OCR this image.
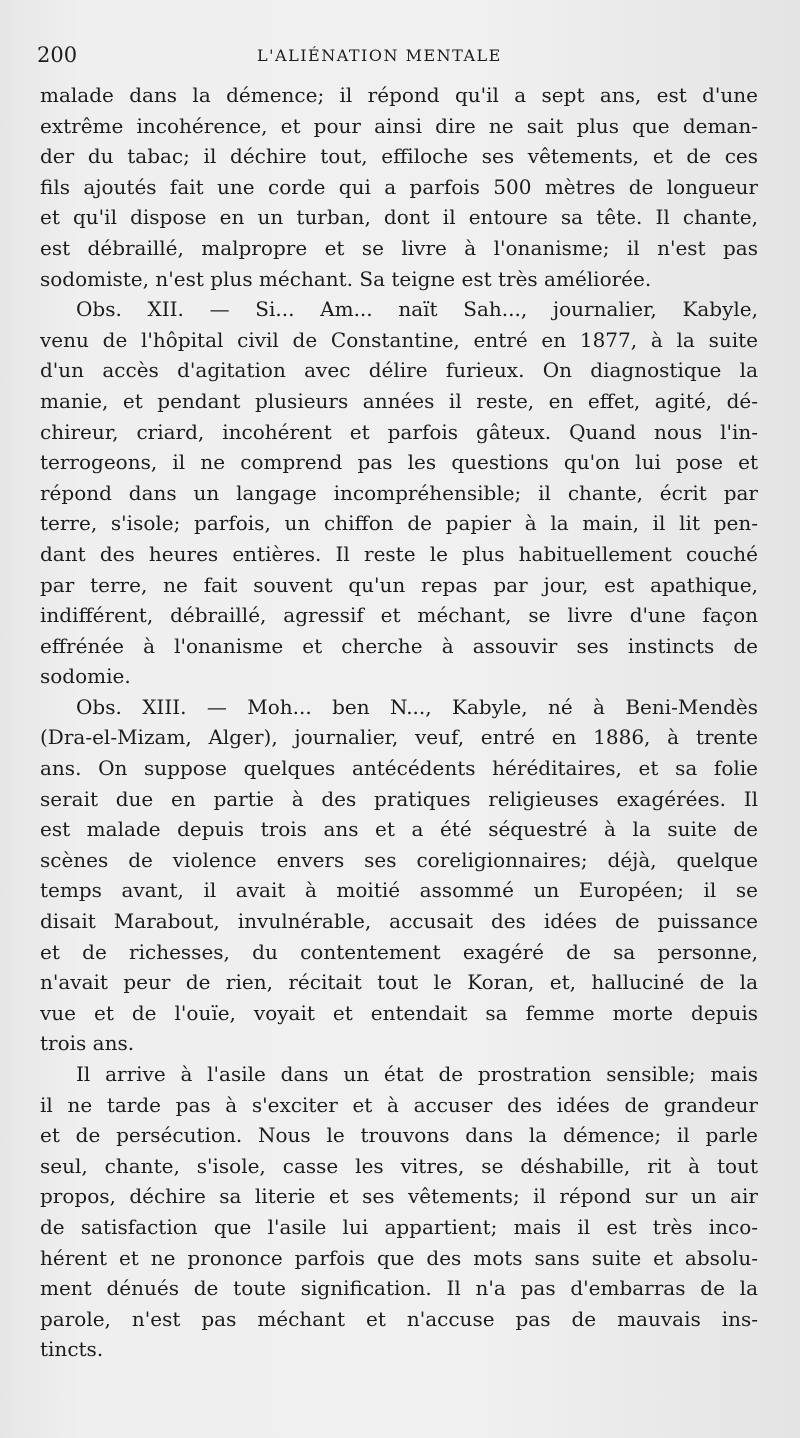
200	L'ALIÉNATION MENTALE
malade dans la démence; il répond qu'il a sept ans, est d'une
extrême incohérence, et pour ainsi dire ne sait plus que deman-
der du tabac; il déchire tout, effiloche ses vêtements, et de ces
fils ajoutés fait une corde qui a parfois 500 mètres de longueur
et qu'il dispose en un turban, dont il entoure sa tête. Il chante,
est débraillé, malpropre et se livre à l'onanisme; il n'est pas
sodomiste, n'est plus méchant. Sa teigne est très améliorée.
Obs. XII. — Si... Am... naït Sah..., journalier, Kabyle,
venu de l'hôpital civil de Constantine, entré en 1877, à la suite
d'un accès d'agitation avec délire furieux. On diagnostique la
manie, et pendant plusieurs années il reste, en effet, agité, dé-
chireur, criard, incohérent et parfois gâteux. Quand nous l'in-
terrogeons, il ne comprend pas les questions qu'on lui pose et
répond dans un langage incompréhensible; il chante, écrit par
terre, s'isole; parfois, un chiffon de papier à la main, il lit pen-
dant des heures entières. Il reste le plus habituellement couché
par terre, ne fait souvent qu'un repas par jour, est apathique,
indifférent, débraillé, agressif et méchant, se livre d'une façon
effrénée à l'onanisme et cherche à assouvir ses instincts de
sodomie.
Obs. XIII. — Moh... ben N..., Kabyle, né à Beni-Mendès
(Dra-el-Mizam, Alger), journalier, veuf, entré en 1886, à trente
ans. On suppose quelques antécédents héréditaires, et sa folie
serait due en partie à des pratiques religieuses exagérées. Il
est malade depuis trois ans et a été séquestré à la suite de
scènes de violence envers ses coreligionnaires; déjà, quelque
temps avant, il avait à moitié assommé un Européen; il se
disait Marabout, invulnérable, accusait des idées de puissance
et de richesses, du contentement exagéré de sa personne,
n'avait peur de rien, récitait tout le Koran, et, halluciné de la
vue et de l'ouïe, voyait et entendait sa femme morte depuis
trois ans.
Il arrive à l'asile dans un état de prostration sensible; mais
il ne tarde pas à s'exciter et à accuser des idées de grandeur
et de persécution. Nous le trouvons dans la démence; il parle
seul, chante, s'isole, casse les vitres, se déshabille, rit à tout
propos, déchire sa literie et ses vêtements; il répond sur un air
de satisfaction que l'asile lui appartient; mais il est très inco-
hérent et ne prononce parfois que des mots sans suite et absolu-
ment dénués de toute signification. Il n'a pas d'embarras de la
parole, n'est pas méchant et n'accuse pas de mauvais ins-
tincts.
